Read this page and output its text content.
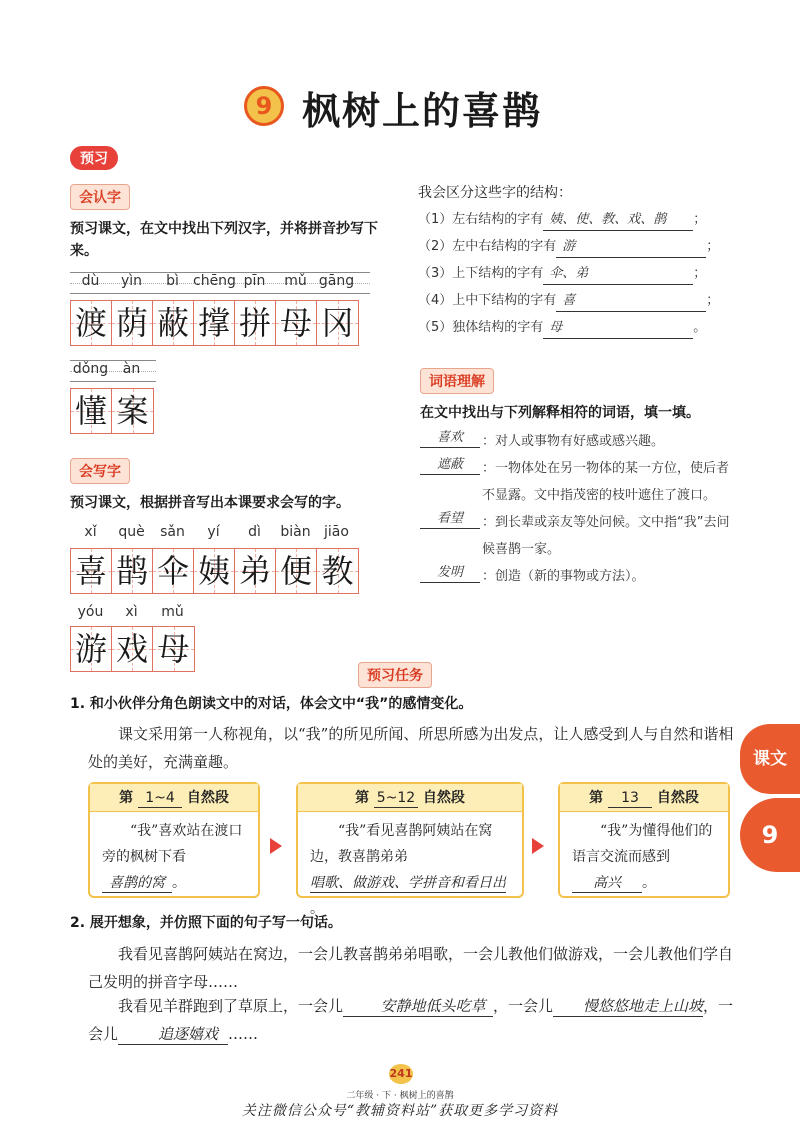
9 枫树上的喜鹊
预习
会认字
预习课文，在文中找出下列汉字，并将拼音抄写下来。
dù	yìn	bì	chēng pīn	mǔ gāng
渡 荫 蔽 撑 拼 母 冈
dǒng	àn
懂 案
会写字
预习课文，根据拼音写出本课要求会写的字。
xǐ	què	sǎn	yí	dì	biàn jiāo
喜 鹊 伞 姨 弟 便 教
yóu	xì	mǔ
游 戏 母
我会区分这些字的结构：
（1）左右结构的字有 姨、使、教、戏、鹊 ；
（2）左中右结构的字有 游	；
（3）上下结构的字有 伞、弟	；
（4）上中下结构的字有 喜	；
（5）独体结构的字有 母	。
词语理解
在文中找出与下列解释相符的词语，填一填。
喜欢	：对人或事物有好感或感兴趣。
遮蔽	：一物体处在另一物体的某一方位，使后者不显露。文中指茂密的枝叶遮住了渡口。
看望	：到长辈或亲友等处问候。文中指“我”去问候喜鹊一家。
发明	：创造（新的事物或方法）。
预习任务
1. 和小伙伴分角色朗读文中的对话，体会文中“我”的感情变化。
课文采用第一人称视角，以“我”的所见所闻、所思所感为出发点，让人感受到人与自然和谐相处的美好，充满童趣。
第 1~4 自然段
“我”喜欢站在渡口旁的枫树下看喜鹊的窝 。
第 5~12 自然段
“我”看见喜鹊阿姨站在窝边，教喜鹊弟弟唱歌、做游戏、学拼音和看日出。
第 13 自然段
“我”为懂得他们的语言交流而感到高兴 。
2. 展开想象，并仿照下面的句子写一句话。
我看见喜鹊阿姨站在窝边，一会儿教喜鹊弟弟唱歌，一会儿教他们做游戏，一会儿教他们学自己发明的拼音字母……
我看见羊群跑到了草原上，一会儿 安静地低头吃草 ，一会儿 慢悠悠地走上山坡，一会儿	追逐嬉戏 ……
课文
9
241
二年级 · 下 · 枫树上的喜鹊
关注微信公众号“教辅资料站”获取更多学习资料
